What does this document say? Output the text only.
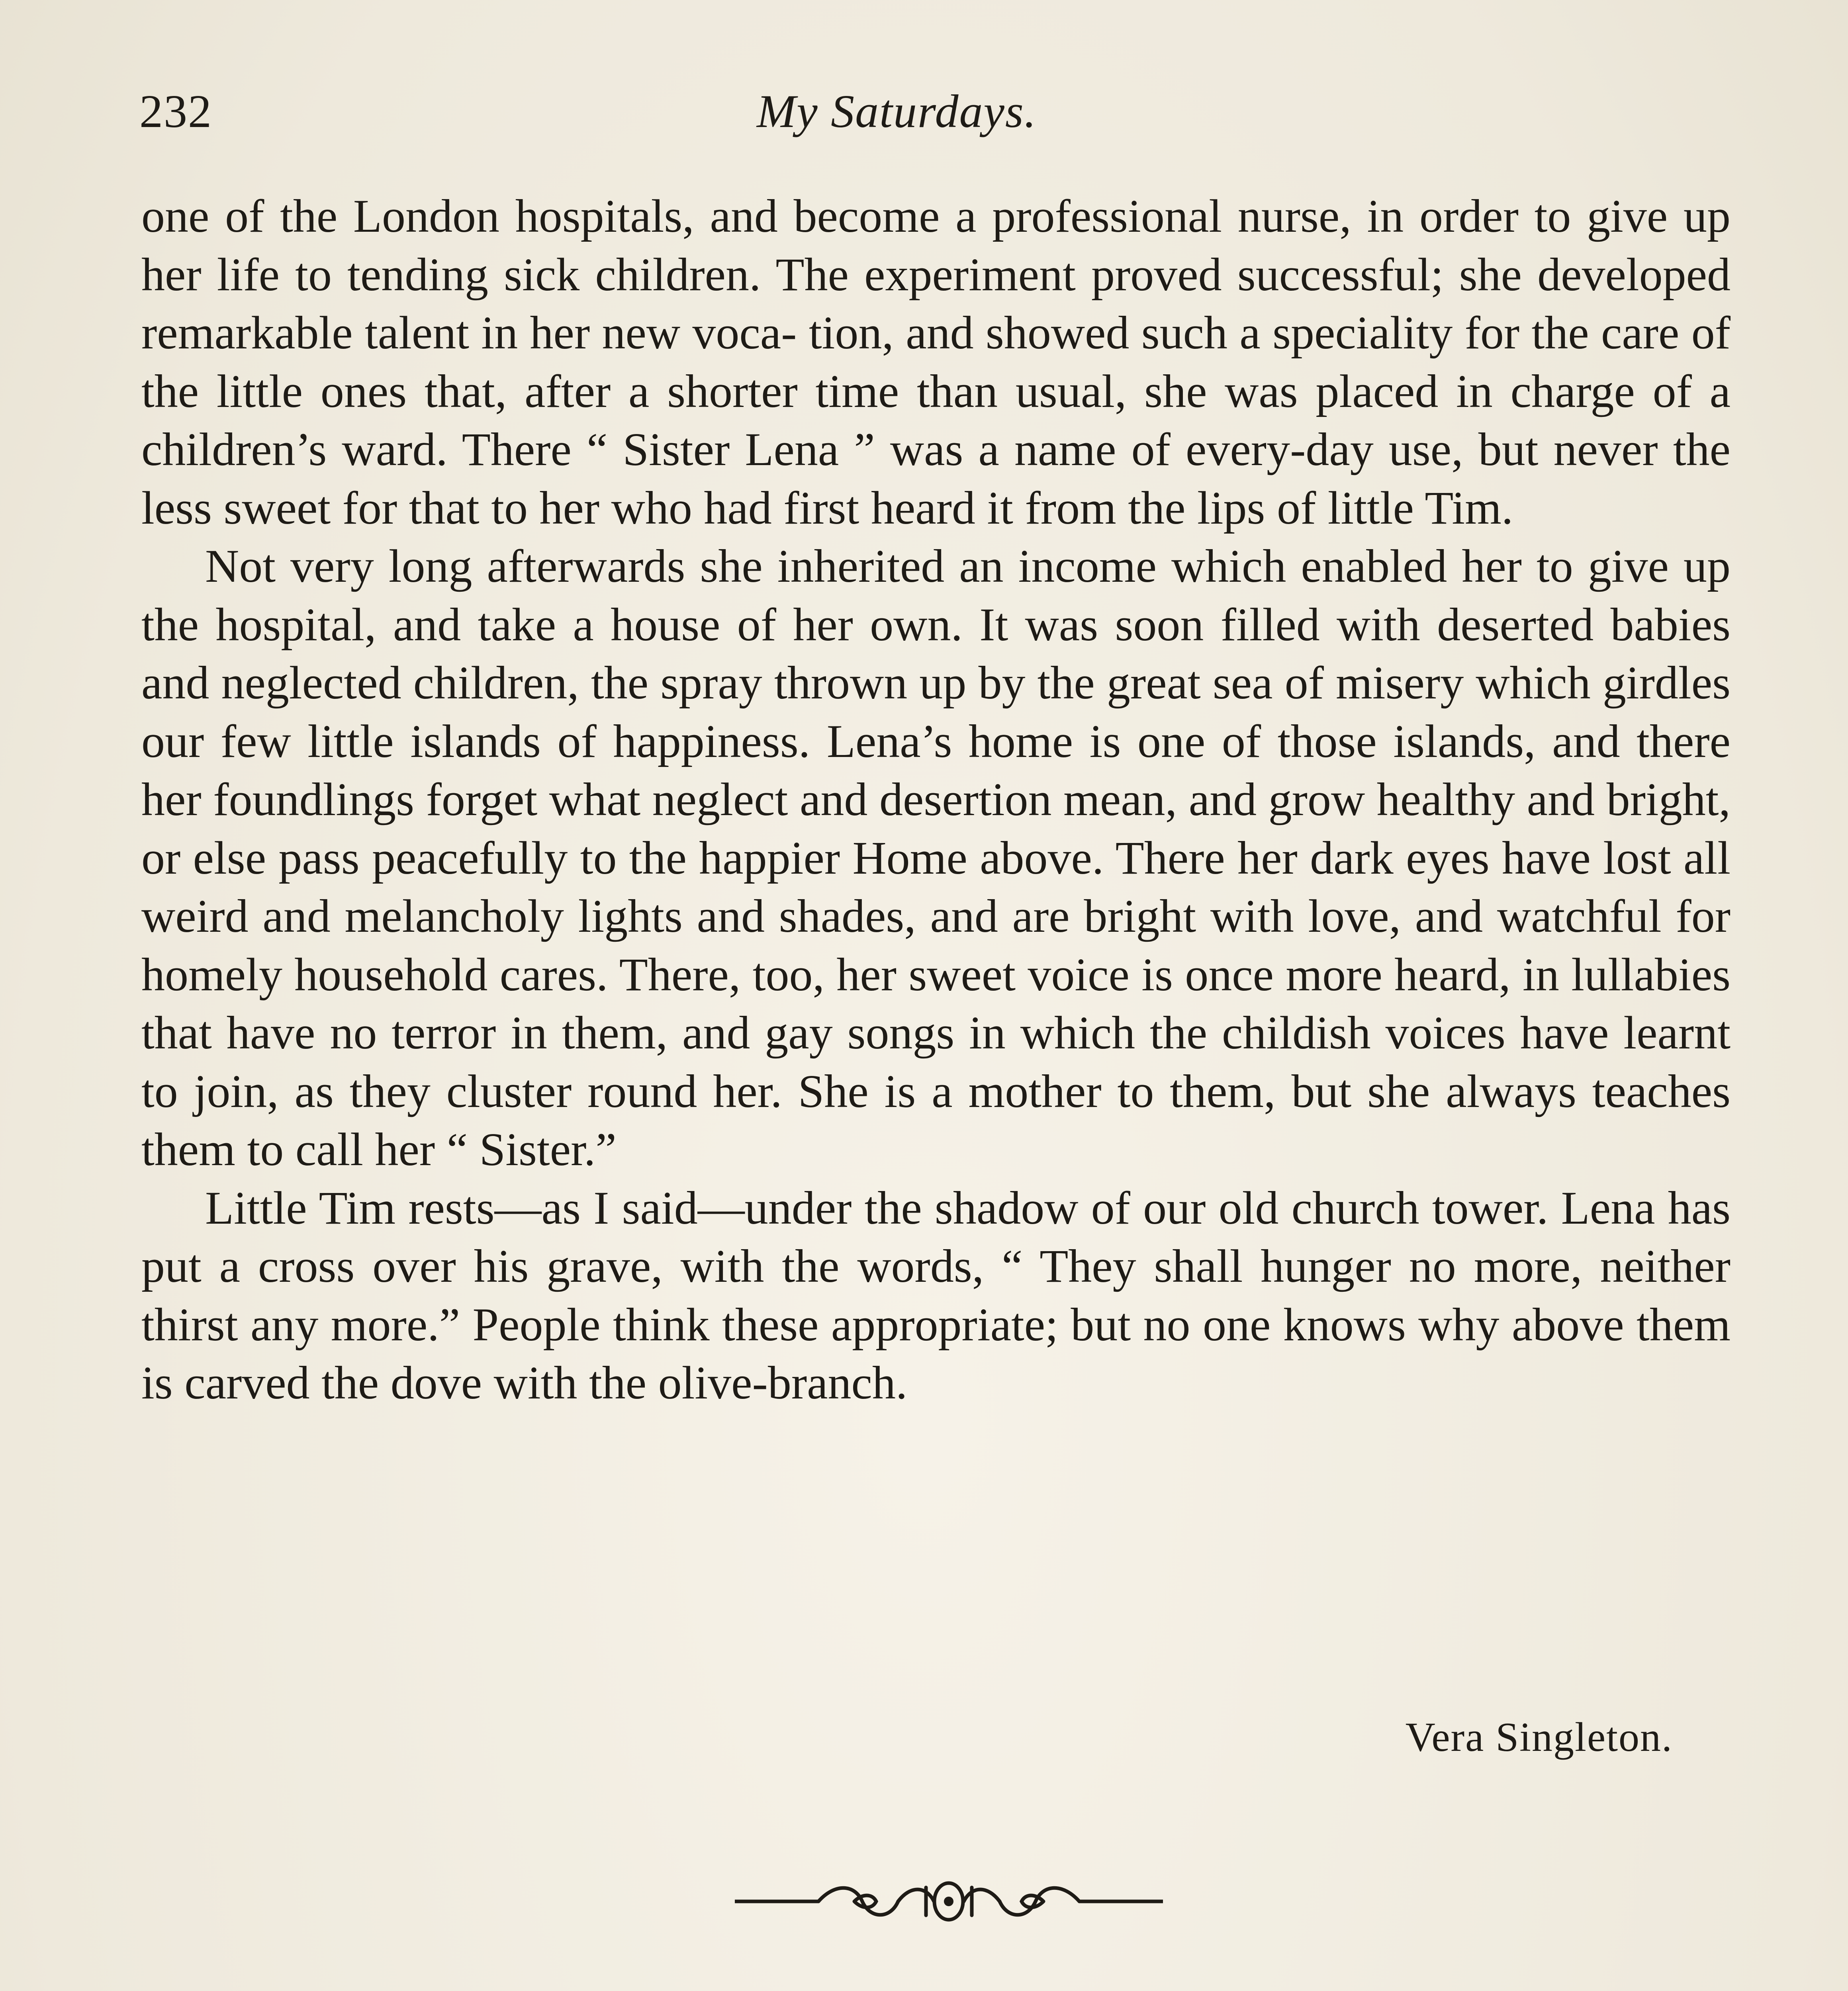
232	My Saturdays.

one of the London hospitals, and become a professional nurse, in order to give up her life to tending sick children. The experiment proved successful; she developed remarkable talent in her new voca- tion, and showed such a speciality for the care of the little ones that, after a shorter time than usual, she was placed in charge of a children’s ward. There “ Sister Lena ” was a name of every-day use, but never the less sweet for that to her who had first heard it from the lips of little Tim.

Not very long afterwards she inherited an income which enabled her to give up the hospital, and take a house of her own. It was soon filled with deserted babies and neglected children, the spray thrown up by the great sea of misery which girdles our few little islands of happiness. Lena’s home is one of those islands, and there her foundlings forget what neglect and desertion mean, and grow healthy and bright, or else pass peacefully to the happier Home above. There her dark eyes have lost all weird and melancholy lights and shades, and are bright with love, and watchful for homely household cares. There, too, her sweet voice is once more heard, in lullabies that have no terror in them, and gay songs in which the childish voices have learnt to join, as they cluster round her. She is a mother to them, but she always teaches them to call her “ Sister.”

Little Tim rests—as I said—under the shadow of our old church tower. Lena has put a cross over his grave, with the words, “ They shall hunger no more, neither thirst any more.” People think these appropriate; but no one knows why above them is carved the dove with the olive-branch.

Vera Singleton.
